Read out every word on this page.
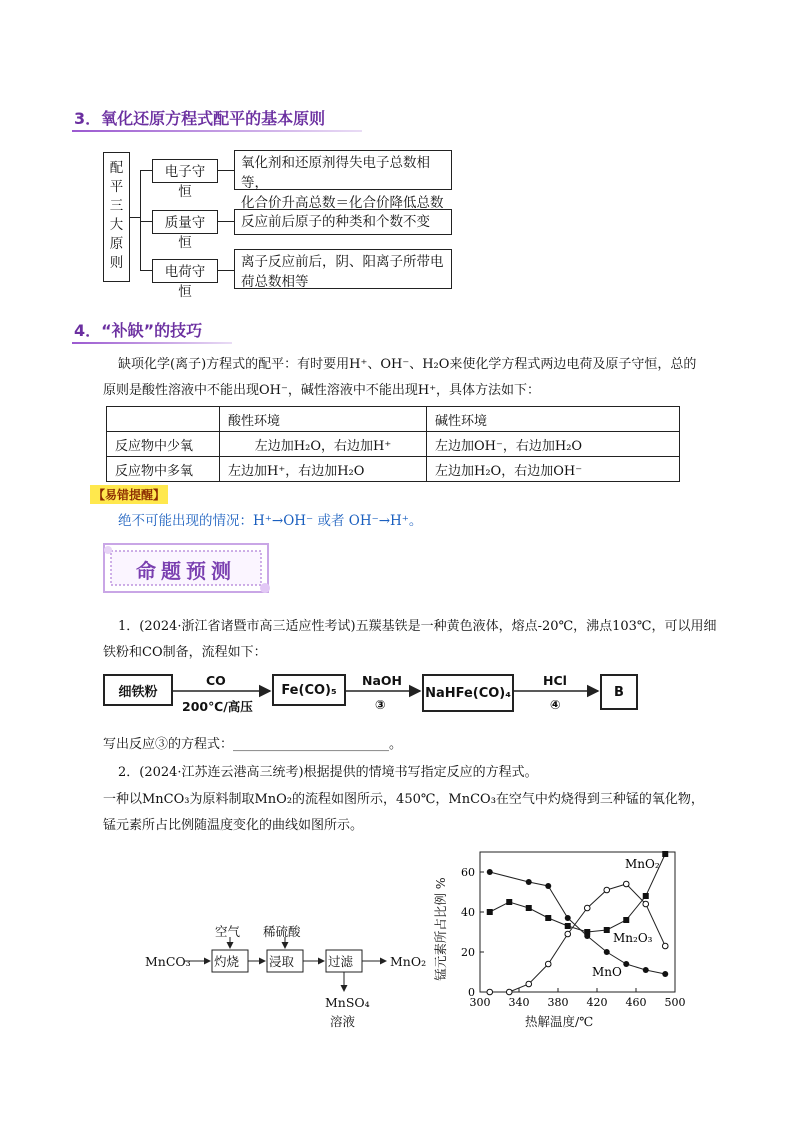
3．氧化还原方程式配平的基本原则
配
平
三
大
原
则
电子守恒
质量守恒
电荷守恒
氧化剂和还原剂得失电子总数相等，
化合价升高总数＝化合价降低总数
反应前后原子的种类和个数不变
离子反应前后，阴、阳离子所带电
荷总数相等
4．“补缺”的技巧
缺项化学(离子)方程式的配平：有时要用H⁺、OH⁻、H₂O来使化学方程式两边电荷及原子守恒，总的
原则是酸性溶液中不能出现OH⁻，碱性溶液中不能出现H⁺，具体方法如下：
	酸性环境	碱性环境
反应物中少氧	左边加H₂O，右边加H⁺	左边加OH⁻，右边加H₂O
反应物中多氧	左边加H⁺，右边加H₂O	左边加H₂O，右边加OH⁻
【易错提醒】
绝不可能出现的情况：H⁺→OH⁻ 或者 OH⁻→H⁺。
命题预测
1．(2024·浙江省诸暨市高三适应性考试)五羰基铁是一种黄色液体，熔点-20℃，沸点103℃，可以用细
铁粉和CO制备，流程如下：
细铁粉	Fe(CO)₅	NaHFe(CO)₄	B
CO
200℃/高压
NaOH
③
HCl
④
写出反应③的方程式：________________________。
2．(2024·江苏连云港高三统考)根据提供的情境书写指定反应的方程式。
一种以MnCO₃为原料制取MnO₂的流程如图所示，450℃，MnCO₃在空气中灼烧得到三种锰的氧化物，
锰元素所占比例随温度变化的曲线如图所示。
MnCO₃ 灼烧 浸取	过滤
空气 稀硫酸
MnO₂
MnSO₄
溶液
300 340 380 420 460 500
0
20
40
60
MnO₂
Mn₂O₃
MnO
热解温度/℃
锰元素所占比例 %
